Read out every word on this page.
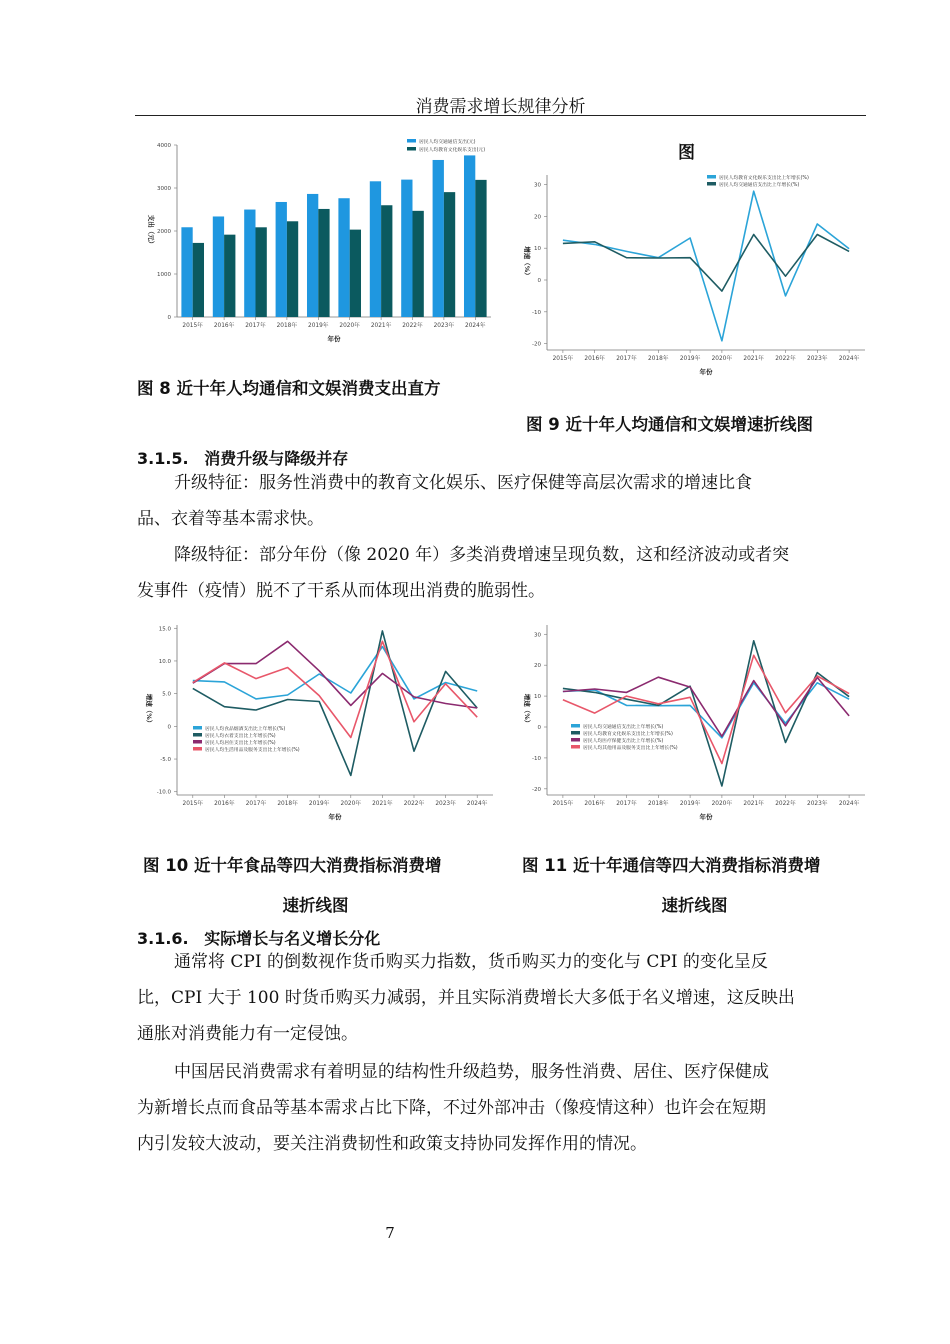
消费需求增长规律分析
0
1000
2000
3000
4000
2015年 2016年 2017年 2018年 2019年 2020年 2021年 2022年 2023年 2024年
年份
支出（元）
居民人均交通通信支出(元)
居民人均教育文化娱乐支出(元)	图
-20
-10
0
10
20
30
2015年 2016年 2017年 2018年 2019年 2020年 2021年 2022年 2023年 2024年
年份
增速（%）
居民人均教育文化娱乐支出比上年增长(%)
居民人均交通通信支出比上年增长(%)
图 8 近十年人均通信和文娱消费支出直方
图 9 近十年人均通信和文娱增速折线图
3.1.5. 消费升级与降级并存
升级特征：服务性消费中的教育文化娱乐、医疗保健等高层次需求的增速比食
品、衣着等基本需求快。
降级特征：部分年份（像 2020 年）多类消费增速呈现负数，这和经济波动或者突
发事件（疫情）脱不了干系从而体现出消费的脆弱性。
-10.0
-5.0
0
5.0
10.0
15.0
2015年 2016年 2017年 2018年 2019年 2020年 2021年 2022年 2023年 2024年
年份
增速（%）
居民人均食品烟酒支出比上年增长(%)
居民人均衣着支出比上年增长(%)
居民人均居住支出比上年增长(%)
居民人均生活用品及服务支出比上年增长(%)
-20
-10
0
10
20
30
2015年 2016年 2017年 2018年 2019年 2020年 2021年 2022年 2023年 2024年
年份
增速（%）
居民人均交通通信支出比上年增长(%)
居民人均教育文化娱乐支出比上年增长(%)
居民人均医疗保健支出比上年增长(%)
居民人均其他用品及服务支出比上年增长(%)
图 10 近十年食品等四大消费指标消费增
速折线图
图 11 近十年通信等四大消费指标消费增
速折线图
3.1.6. 实际增长与名义增长分化
通常将 CPI 的倒数视作货币购买力指数，货币购买力的变化与 CPI 的变化呈反
比，CPI 大于 100 时货币购买力减弱，并且实际消费增长大多低于名义增速，这反映出
通胀对消费能力有一定侵蚀。
中国居民消费需求有着明显的结构性升级趋势，服务性消费、居住、医疗保健成
为新增长点而食品等基本需求占比下降，不过外部冲击（像疫情这种）也许会在短期
内引发较大波动，要关注消费韧性和政策支持协同发挥作用的情况。
7
